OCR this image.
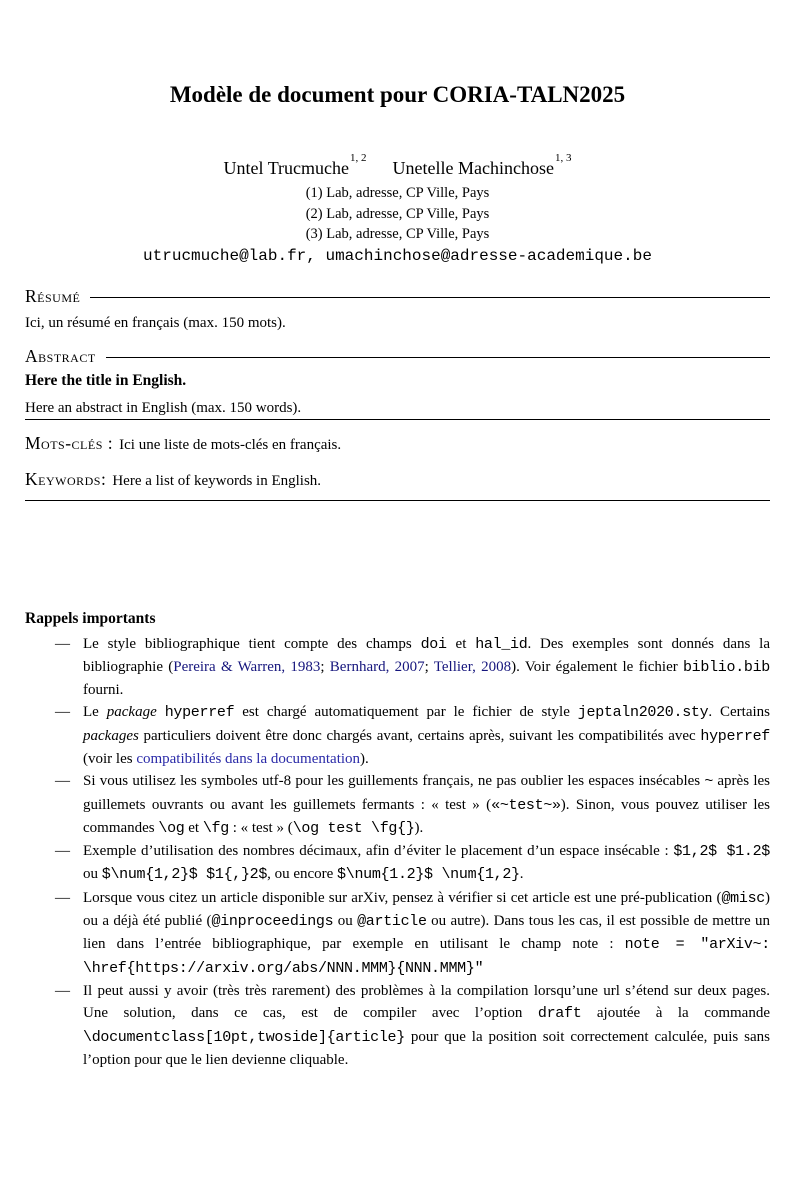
Modèle de document pour CORIA-TALN2025
Untel Trucmuche$^{1, 2}$ Unetelle Machinchose$^{1, 3}$
(1) Lab, adresse, CP Ville, Pays
(2) Lab, adresse, CP Ville, Pays
(3) Lab, adresse, CP Ville, Pays
utrucmuche@lab.fr, umachinchose@adresse-academique.be
Résumé
Ici, un résumé en français (max. 150 mots).
Abstract
Here the title in English.
Here an abstract in English (max. 150 words).
Mots-clés : Ici une liste de mots-clés en français.
Keywords: Here a list of keywords in English.
Rappels importants
— Le style bibliographique tient compte des champs doi et hal_id. Des exemples sont donnés dans la bibliographie (Pereira & Warren, 1983; Bernhard, 2007; Tellier, 2008). Voir également le fichier biblio.bib fourni.
— Le package hyperref est chargé automatiquement par le fichier de style jeptaln2020.sty. Certains packages particuliers doivent être donc chargés avant, certains après, suivant les compatibilités avec hyperref (voir les compatibilités dans la documentation).
— Si vous utilisez les symboles utf-8 pour les guillements français, ne pas oublier les espaces insécables ~ après les guillemets ouvrants ou avant les guillemets fermants : « test » («~test~»). Sinon, vous pouvez utiliser les commandes \og et \fg : « test » (\og test \fg{}).
— Exemple d’utilisation des nombres décimaux, afin d’éviter le placement d’un espace insécable : $1,2$ $1.2$ ou $\num{1,2}$ $1{,}2$, ou encore $\num{1.2}$ \num{1,2}.
— Lorsque vous citez un article disponible sur arXiv, pensez à vérifier si cet article est une pré-publication (@misc) ou a déjà été publié (@inproceedings ou @article ou autre). Dans tous les cas, il est possible de mettre un lien dans l’entrée bibliographique, par exemple en utilisant le champ note : note = "arXiv~: \href{https://arxiv.org/abs/NNN.MMM}{NNN.MMM}"
— Il peut aussi y avoir (très très rarement) des problèmes à la compilation lorsqu’une url s’étend sur deux pages. Une solution, dans ce cas, est de compiler avec l’option draft ajoutée à la commande \documentclass[10pt,twoside]{article} pour que la position soit correctement calculée, puis sans l’option pour que le lien devienne cliquable.
